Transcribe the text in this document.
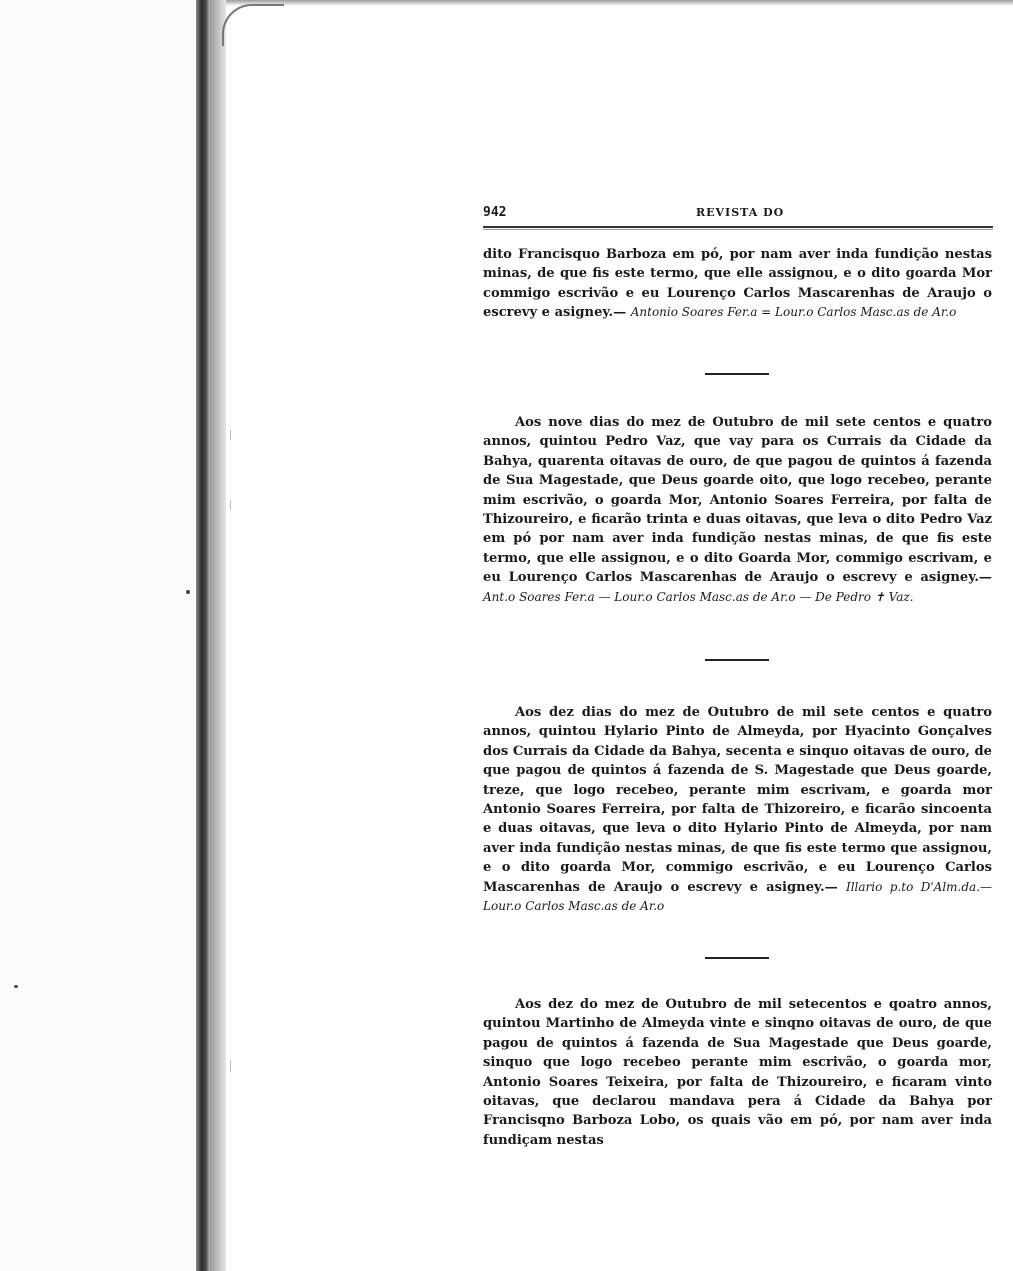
942	REVISTA DO

dito Francisquo Barboza em pó, por nam aver inda fundição nestas minas, de que fis este termo, que elle assignou, e o dito goarda Mor commigo escrivão e eu Lourenço Carlos Mascarenhas de Araujo o escrevy e asigney.— Antonio Soares Fer.a = Lour.o Carlos Masc.as de Ar.o

Aos nove dias do mez de Outubro de mil sete centos e quatro annos, quintou Pedro Vaz, que vay para os Currais da Cidade da Bahya, quarenta oitavas de ouro, de que pagou de quintos á fazenda de Sua Magestade, que Deus goarde oito, que logo recebeo, perante mim escrivão, o goarda Mor, Antonio Soares Ferreira, por falta de Thizoureiro, e ficarão trinta e duas oitavas, que leva o dito Pedro Vaz em pó por nam aver inda fundição nestas minas, de que fis este termo, que elle assignou, e o dito Goarda Mor, commigo escrivam, e eu Lourenço Carlos Mascarenhas de Araujo o escrevy e asigney.— Ant.o Soares Fer.a — Lour.o Carlos Masc.as de Ar.o — De Pedro ✝ Vaz.

Aos dez dias do mez de Outubro de mil sete centos e quatro annos, quintou Hylario Pinto de Almeyda, por Hyacinto Gonçalves dos Currais da Cidade da Bahya, secenta e sinquo oitavas de ouro, de que pagou de quintos á fazenda de S. Magestade que Deus goarde, treze, que logo recebeo, perante mim escrivam, e goarda mor Antonio Soares Ferreira, por falta de Thizoreiro, e ficarão sincoenta e duas oitavas, que leva o dito Hylario Pinto de Almeyda, por nam aver inda fundição nestas minas, de que fis este termo que assignou, e o dito goarda Mor, commigo escrivão, e eu Lourenço Carlos Mascarenhas de Araujo o escrevy e asigney.— Illario p.to D'Alm.da.— Lour.o Carlos Masc.as de Ar.o

Aos dez do mez de Outubro de mil setecentos e qoatro annos, quintou Martinho de Almeyda vinte e sinqno oitavas de ouro, de que pagou de quintos á fazenda de Sua Magestade que Deus goarde, sinquo que logo recebeo perante mim escrivão, o goarda mor, Antonio Soares Teixeira, por falta de Thizoureiro, e ficaram vinto oitavas, que declarou mandava pera á Cidade da Bahya por Francisqno Barboza Lobo, os quais vão em pó, por nam aver inda fundiçam nestas
